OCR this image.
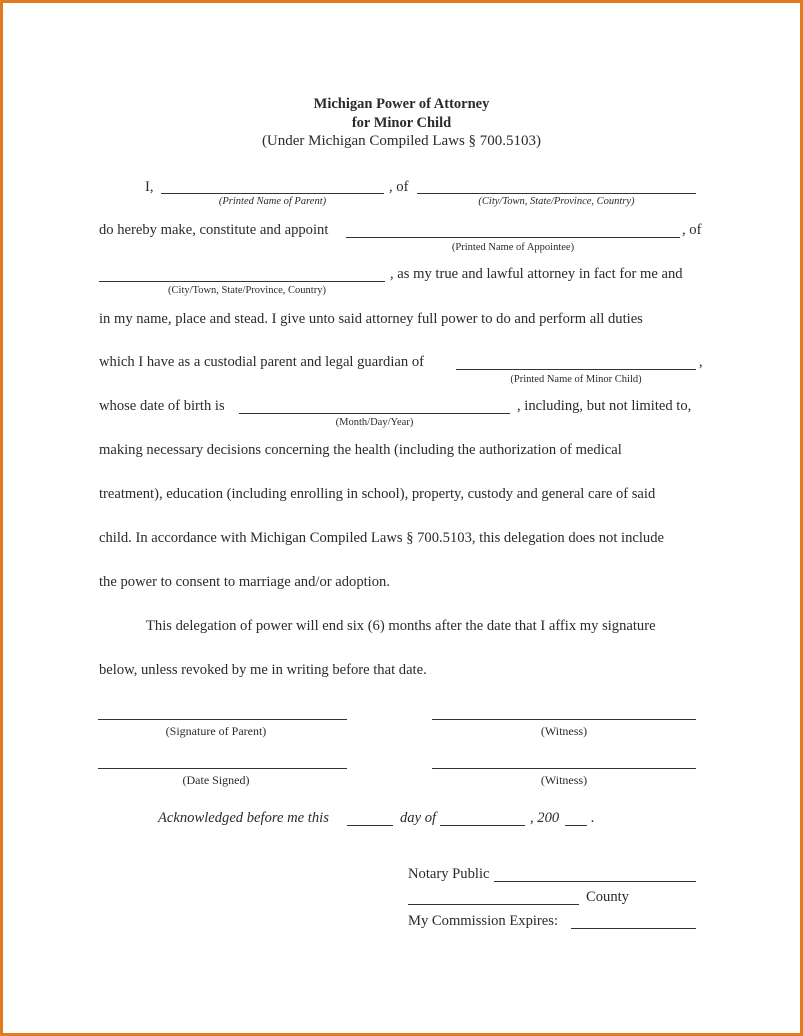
Michigan Power of Attorney
for Minor Child
(Under Michigan Compiled Laws § 700.5103)
I,	, of
(Printed Name of Parent)	(City/Town, State/Province, Country)
do hereby make, constitute and appoint	, of
(Printed Name of Appointee)
, as my true and lawful attorney in fact for me and
(City/Town, State/Province, Country)
in my name, place and stead. I give unto said attorney full power to do and perform all duties
which I have as a custodial parent and legal guardian of	,
(Printed Name of Minor Child)
whose date of birth is	, including, but not limited to,
(Month/Day/Year)
making necessary decisions concerning the health (including the authorization of medical
treatment), education (including enrolling in school), property, custody and general care of said
child. In accordance with Michigan Compiled Laws § 700.5103, this delegation does not include
the power to consent to marriage and/or adoption.
This delegation of power will end six (6) months after the date that I affix my signature
below, unless revoked by me in writing before that date.
(Signature of Parent)	(Witness)
(Date Signed)	(Witness)
Acknowledged before me this	day of	, 200 .
Notary Public
County
My Commission Expires:
